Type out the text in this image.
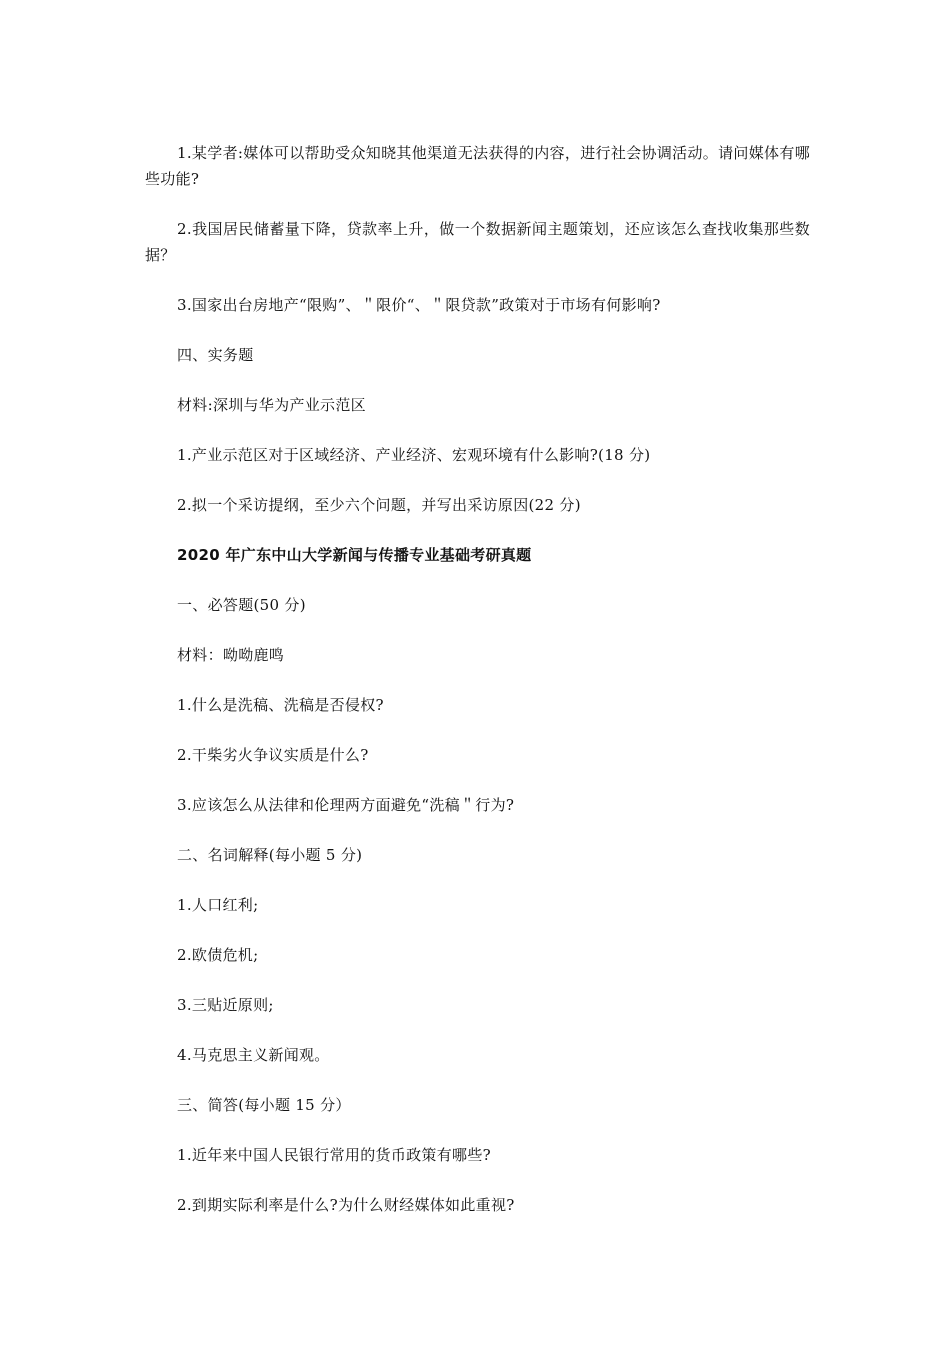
1.某学者:媒体可以帮助受众知晓其他渠道无法获得的内容，进行社会协调活动。请问媒体有哪些功能?

2.我国居民储蓄量下降，贷款率上升，做一个数据新闻主题策划，还应该怎么查找收集那些数据？

3.国家出台房地产“限购”、＂限价“、＂限贷款”政策对于市场有何影响?

四、实务题

材料:深圳与华为产业示范区

1.产业示范区对于区域经济、产业经济、宏观环境有什么影响?(18 分)

2.拟一个采访提纲，至少六个问题，并写出采访原因(22 分)

2020 年广东中山大学新闻与传播专业基础考研真题

一、必答题(50 分)

材料：呦呦鹿鸣

1.什么是洗稿、洗稿是否侵权?

2.干柴劣火争议实质是什么?

3.应该怎么从法律和伦理两方面避免“洗稿＂行为?

二、名词解释(每小题 5 分)

1.人口红利;

2.欧债危机;

3.三贴近原则;

4.马克思主义新闻观。

三、简答(每小题 15 分）

1.近年来中国人民银行常用的货币政策有哪些?

2.到期实际利率是什么?为什么财经媒体如此重视?
